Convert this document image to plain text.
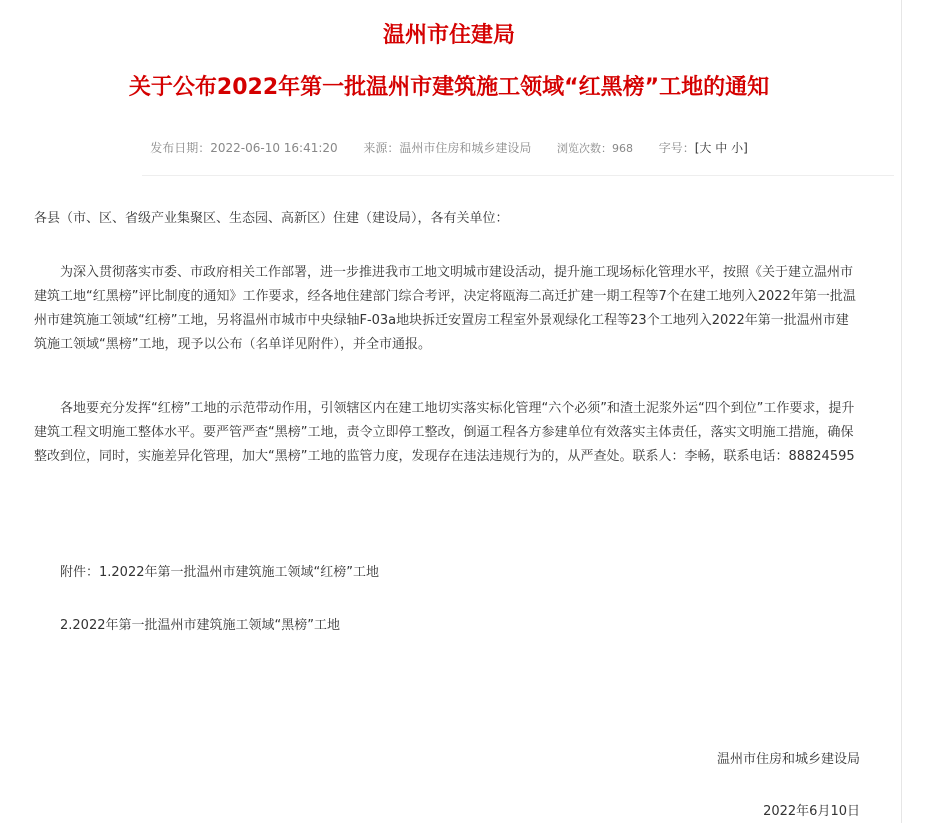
温州市住建局
关于公布2022年第一批温州市建筑施工领域“红黑榜”工地的通知
发布日期：2022-06-10 16:41:20 来源：温州市住房和城乡建设局 浏览次数：968 字号：[大 中 小]

各县（市、区、省级产业集聚区、生态园、高新区）住建（建设局），各有关单位：

为深入贯彻落实市委、市政府相关工作部署，进一步推进我市工地文明城市建设活动，提升施工现场标化管理水平，按照《关于建立温州市建筑工地“红黑榜”评比制度的通知》工作要求，经各地住建部门综合考评，决定将瓯海二高迁扩建一期工程等7个在建工地列入2022年第一批温州市建筑施工领域“红榜”工地，另将温州市城市中央绿轴F-03a地块拆迁安置房工程室外景观绿化工程等23个工地列入2022年第一批温州市建筑施工领域“黑榜”工地，现予以公布（名单详见附件），并全市通报。

各地要充分发挥“红榜”工地的示范带动作用，引领辖区内在建工地切实落实标化管理“六个必须”和渣土泥浆外运“四个到位”工作要求，提升建筑工程文明施工整体水平。要严管严查“黑榜”工地，责令立即停工整改，倒逼工程各方参建单位有效落实主体责任，落实文明施工措施，确保整改到位，同时，实施差异化管理，加大“黑榜”工地的监管力度，发现存在违法违规行为的，从严查处。联系人：李畅，联系电话：88824595

附件：1.2022年第一批温州市建筑施工领域“红榜”工地

2.2022年第一批温州市建筑施工领域“黑榜”工地

温州市住房和城乡建设局

2022年6月10日
